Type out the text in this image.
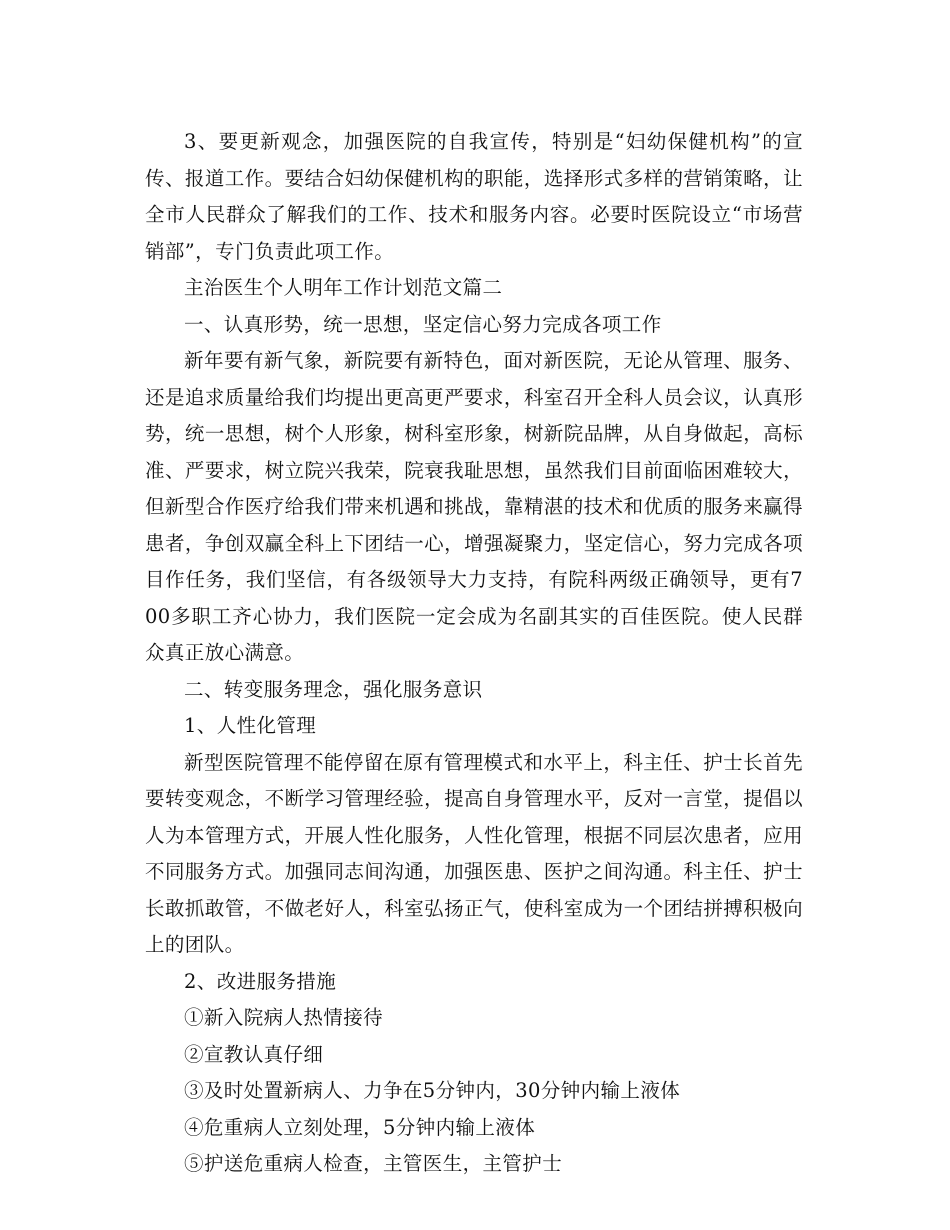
3、要更新观念，加强医院的自我宣传，特别是“妇幼保健机构”的宣传、报道工作。要结合妇幼保健机构的职能，选择形式多样的营销策略，让全市人民群众了解我们的工作、技术和服务内容。必要时医院设立“市场营销部”，专门负责此项工作。

主治医生个人明年工作计划范文篇二

一、认真形势，统一思想，坚定信心努力完成各项工作

新年要有新气象，新院要有新特色，面对新医院，无论从管理、服务、还是追求质量给我们均提出更高更严要求，科室召开全科人员会议，认真形势，统一思想，树个人形象，树科室形象，树新院品牌，从自身做起，高标准、严要求，树立院兴我荣，院衰我耻思想，虽然我们目前面临困难较大，但新型合作医疗给我们带来机遇和挑战，靠精湛的技术和优质的服务来赢得患者，争创双赢全科上下团结一心，增强凝聚力，坚定信心，努力完成各项目作任务，我们坚信，有各级领导大力支持，有院科两级正确领导，更有700多职工齐心协力，我们医院一定会成为名副其实的百佳医院。使人民群众真正放心满意。

二、转变服务理念，强化服务意识

1、人性化管理

新型医院管理不能停留在原有管理模式和水平上，科主任、护士长首先要转变观念，不断学习管理经验，提高自身管理水平，反对一言堂，提倡以人为本管理方式，开展人性化服务，人性化管理，根据不同层次患者，应用不同服务方式。加强同志间沟通，加强医患、医护之间沟通。科主任、护士长敢抓敢管，不做老好人，科室弘扬正气，使科室成为一个团结拼搏积极向上的团队。

2、改进服务措施

①新入院病人热情接待

②宣教认真仔细

③及时处置新病人、力争在5分钟内，30分钟内输上液体

④危重病人立刻处理，5分钟内输上液体

⑤护送危重病人检查，主管医生，主管护士
